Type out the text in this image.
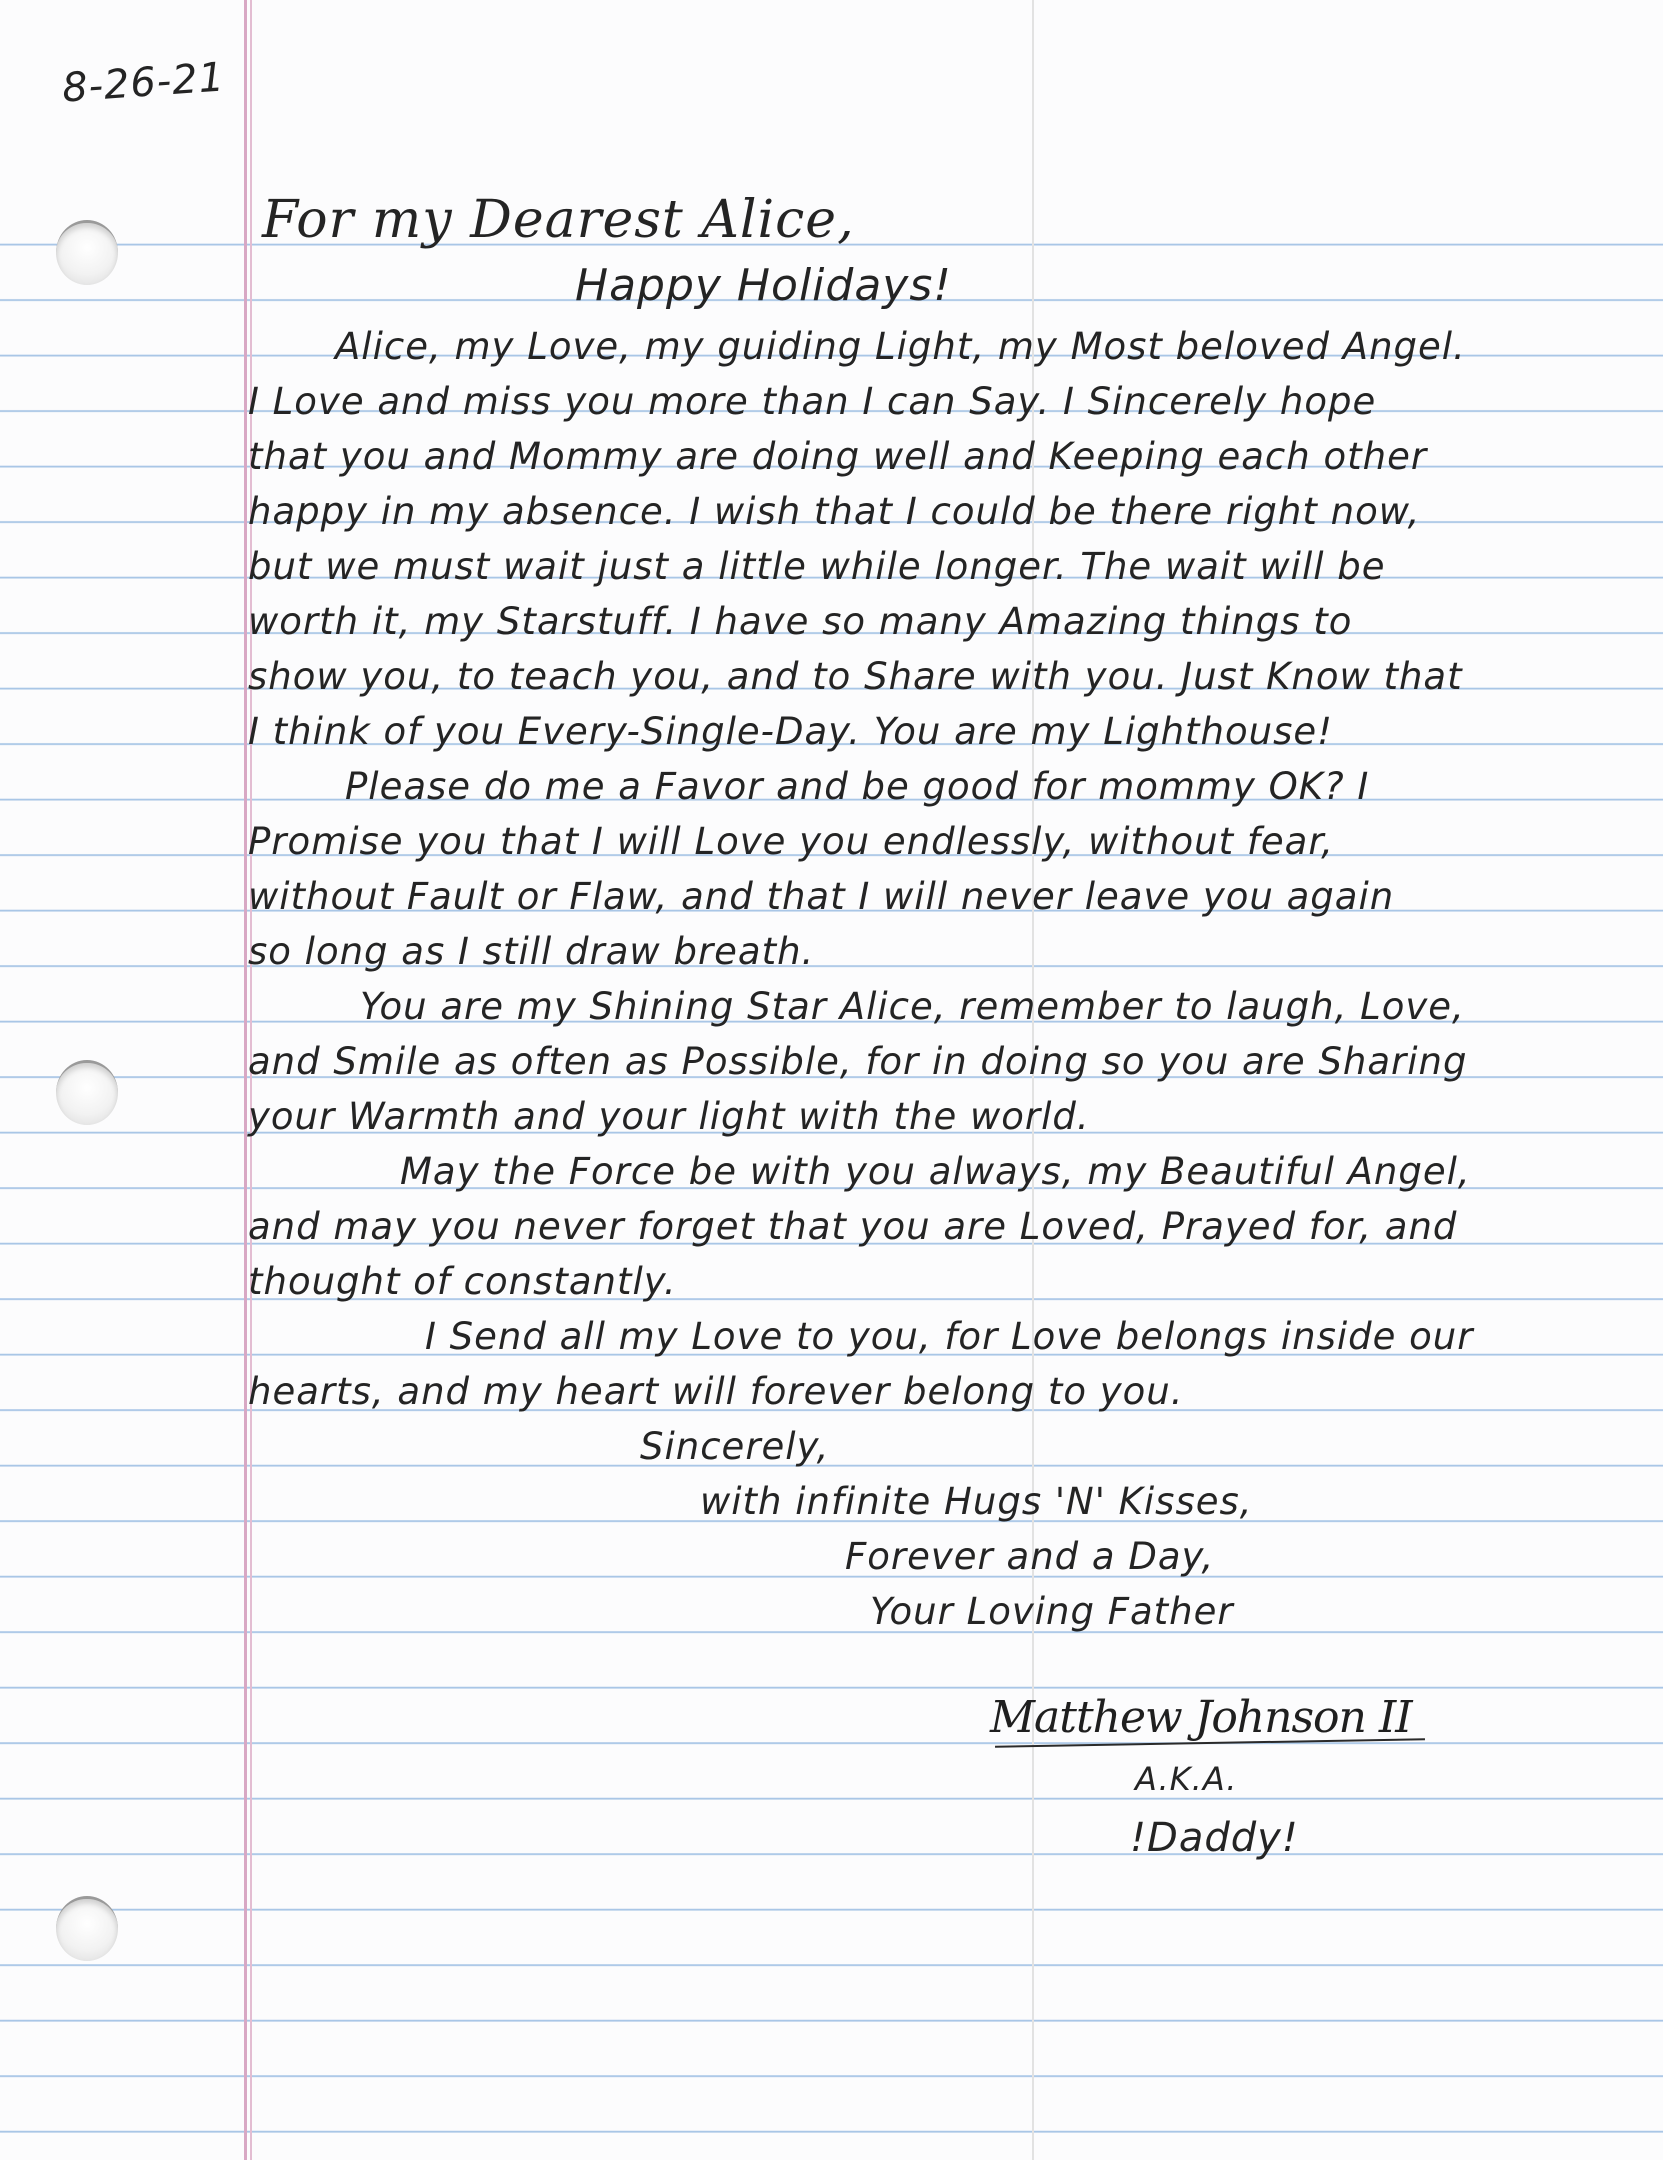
8-26-21

For my Dearest Alice,

Happy Holidays!

Alice, my Love, my guiding Light, my Most beloved Angel.

I Love and miss you more than I can Say. I Sincerely hope

that you and Mommy are doing well and Keeping each other

happy in my absence. I wish that I could be there right now,

but we must wait just a little while longer. The wait will be

worth it, my Starstuff. I have so many Amazing things to

show you, to teach you, and to Share with you. Just Know that

I think of you Every-Single-Day. You are my Lighthouse!

Please do me a Favor and be good for mommy OK? I

Promise you that I will Love you endlessly, without fear,

without Fault or Flaw, and that I will never leave you again

so long as I still draw breath.

You are my Shining Star Alice, remember to laugh, Love,

and Smile as often as Possible, for in doing so you are Sharing

your Warmth and your light with the world.

May the Force be with you always, my Beautiful Angel,

and may you never forget that you are Loved, Prayed for, and

thought of constantly.

I Send all my Love to you, for Love belongs inside our

hearts, and my heart will forever belong to you.

Sincerely,

with infinite Hugs 'N' Kisses,

Forever and a Day,

Your Loving Father

Matthew Johnson II

A.K.A.

!Daddy!
